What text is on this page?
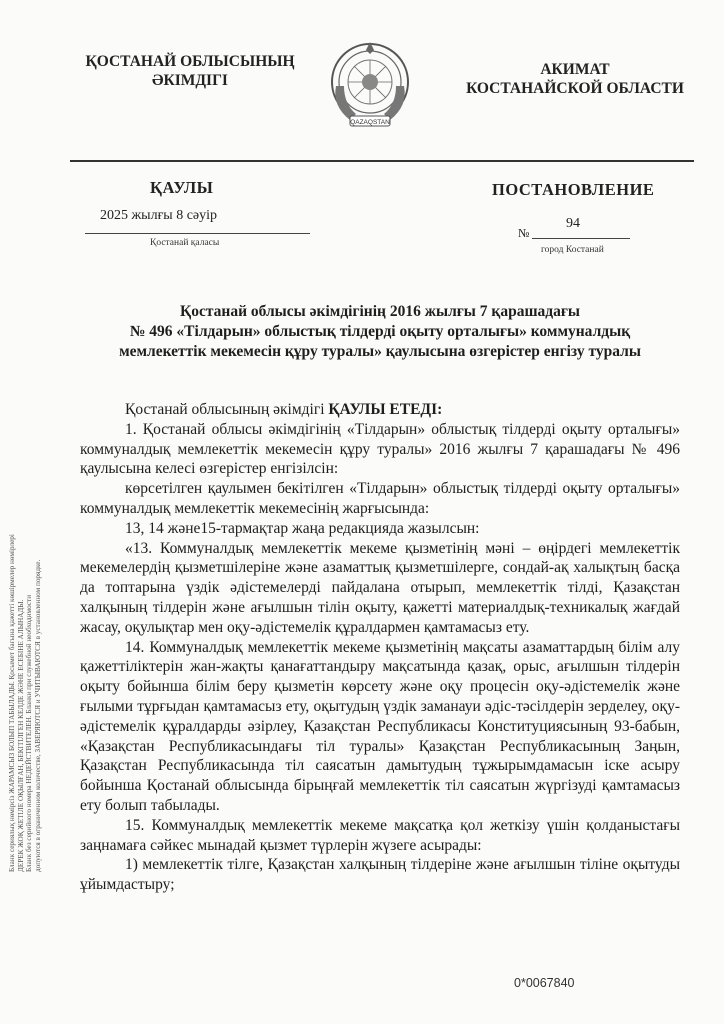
ҚОСТАНАЙ ОБЛЫСЫНЫҢ
ӘКІМДІГІ
QAZAQSTAN
АКИМАТ
КОСТАНАЙСКОЙ ОБЛАСТИ
ҚАУЛЫ	ПОСТАНОВЛЕНИЕ
2025 жылғы 8 сәуір
Қостанай қаласы
№
94
город Костанай
Қостанай облысы әкімдігінің 2016 жылғы 7 қарашадағы
№ 496 «Тілдарын» облыстық тілдерді оқыту орталығы» коммуналдық
мемлекеттік мекемесін құру туралы» қаулысына өзгерістер енгізу туралы

Қостанай облысының әкімдігі ҚАУЛЫ ЕТЕДІ:

1. Қостанай облысы әкімдігінің «Тілдарын» облыстық тілдерді оқыту орталығы» коммуналдық мемлекеттік мекемесін құру туралы» 2016 жылғы 7 қарашадағы № 496 қаулысына келесі өзгерістер енгізілсін:

көрсетілген қаулымен бекітілген «Тілдарын» облыстық тілдерді оқыту орталығы» коммуналдық мемлекеттік мекемесінің жарғысында:

13, 14 және15-тармақтар жаңа редакцияда жазылсын:

«13. Коммуналдық мемлекеттік мекеме қызметінің мәні – өңірдегі мемлекеттік мекемелердің қызметшілеріне және азаматтық қызметшілерге, сондай-ақ халықтың басқа да топтарына үздік әдістемелерді пайдалана отырып, мемлекеттік тілді, Қазақстан халқының тілдерін және ағылшын тілін оқыту, қажетті материалдық-техникалық жағдай жасау, оқулықтар мен оқу-әдістемелік құралдармен қамтамасыз ету.

14. Коммуналдық мемлекеттік мекеме қызметінің мақсаты азаматтардың білім алу қажеттіліктерін жан-жақты қанағаттандыру мақсатында қазақ, орыс, ағылшын тілдерін оқыту бойынша білім беру қызметін көрсету және оқу процесін оқу-әдістемелік және ғылыми тұрғыдан қамтамасыз ету, оқытудың үздік заманауи әдіс-тәсілдерін зерделеу, оқу-әдістемелік құралдарды әзірлеу, Қазақстан Республикасы Конституциясының 93-бабын, «Қазақстан Республикасындағы тіл туралы» Қазақстан Республикасының Заңын, Қазақстан Республикасында тіл саясатын дамытудың тұжырымдамасын іске асыру бойынша Қостанай облысында бірыңғай мемлекеттік тіл саясатын жүргізуді қамтамасыз ету болып табылады.

15. Коммуналдық мемлекеттік мекеме мақсатқа қол жеткізу үшін қолданыстағы заңнамаға сәйкес мынадай қызмет түрлерін жүзеге асырады:

1) мемлекеттік тілге, Қазақстан халқының тілдеріне және ағылшын тіліне оқытуды ұйымдастыру;

Бланк сериялық нөмірсіз ЖАРАМСЫЗ БОЛЫП ТАБЫЛАДЫ. Қосымет бағына қажетті көшірмелер нөмірлері ДЕРЕК ЖОҚ ЖЕТІЛЕ ОҚЫЛҒАН, БЕКІТІЛГЕН КЕЛДЕ ЖӘНЕ ЕСЕБІНЕ АЛЫНАДЫ. Бланк без серийного номера НЕДЕЙСТВИТЕЛЕН. Бланки при служебной необходимости допуются в ограниченном количестве, ЗАВЕРЯЮТСЯ и УЧИТЫВАЮТСЯ в установленном порядке.
0*0067840
